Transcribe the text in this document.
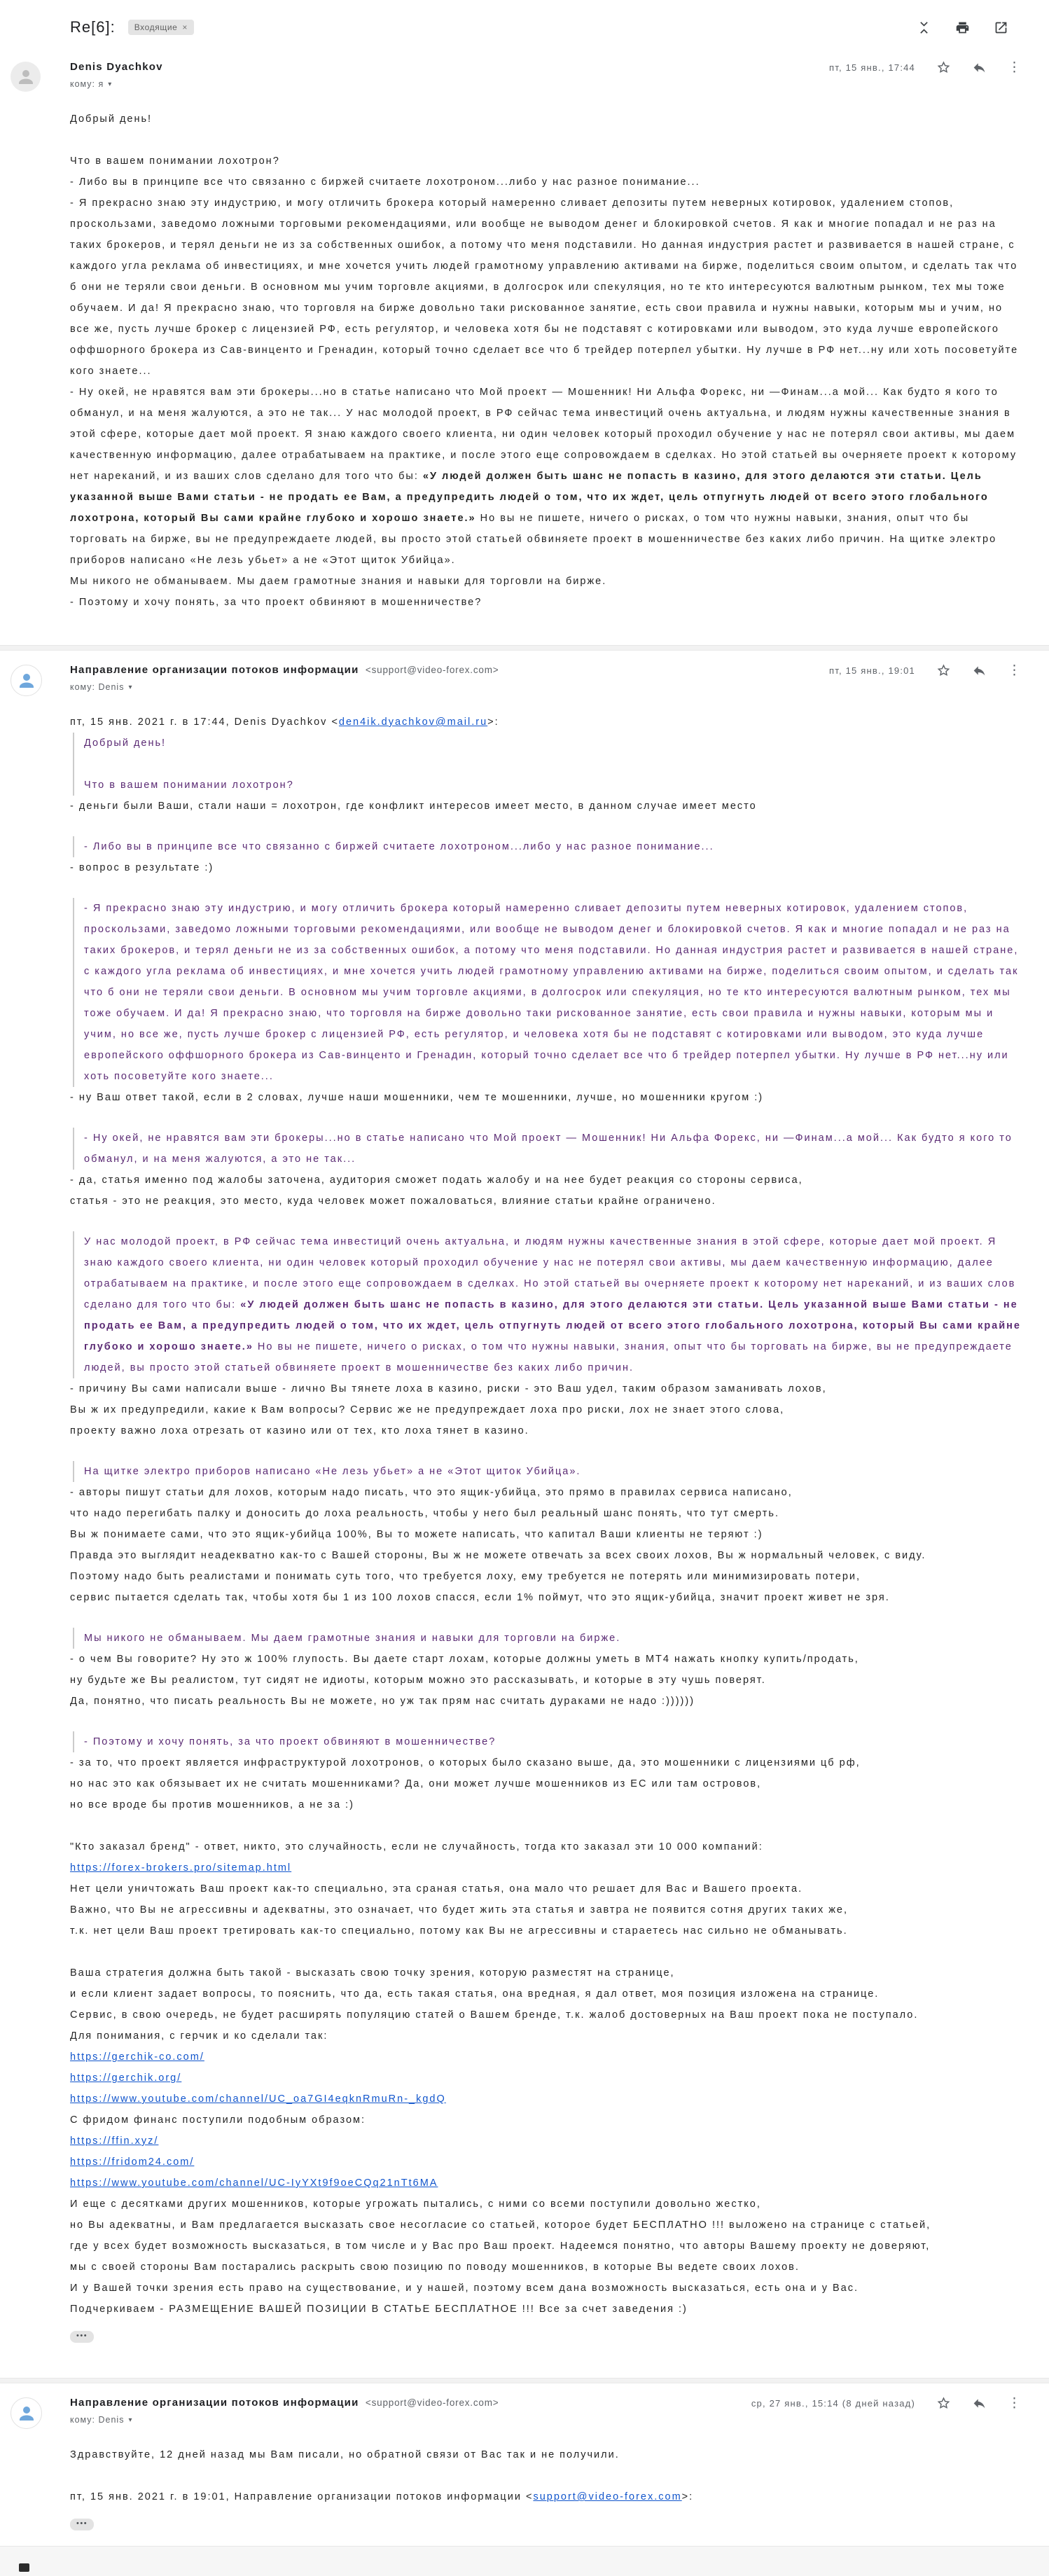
Re[6]: Входящие ×
Denis Dyachkov
кому: я ▾
пт, 15 янв., 17:44	⋮
Добрый день!
Что в вашем понимании лохотрон?
- Либо вы в принципе все что связанно с биржей считаете лохотроном...либо у нас разное понимание...
- Я прекрасно знаю эту индустрию, и могу отличить брокера который намеренно сливает депозиты путем неверных котировок, удалением стопов, проскользами, заведомо ложными торговыми рекомендациями, или вообще не выводом денег и блокировкой счетов. Я как и многие попадал и не раз на таких брокеров, и терял деньги не из за собственных ошибок, а потому что меня подставили. Но данная индустрия растет и развивается в нашей стране, с каждого угла реклама об инвестициях, и мне хочется учить людей грамотному управлению активами на бирже, поделиться своим опытом, и сделать так что б они не теряли свои деньги. В основном мы учим торговле акциями, в долгосрок или спекуляция, но те кто интересуются валютным рынком, тех мы тоже обучаем. И да! Я прекрасно знаю, что торговля на бирже довольно таки рискованное занятие, есть свои правила и нужны навыки, которым мы и учим, но все же, пусть лучше брокер с лицензией РФ, есть регулятор, и человека хотя бы не подставят с котировками или выводом, это куда лучше европейского оффшорного брокера из Сав-винценто и Гренадин, который точно сделает все что б трейдер потерпел убытки. Ну лучше в РФ нет...ну или хоть посоветуйте кого знаете...
- Ну окей, не нравятся вам эти брокеры...но в статье написано что Мой проект — Мошенник! Ни Альфа Форекс, ни —Финам...а мой... Как будто я кого то обманул, и на меня жалуются, а это не так... У нас молодой проект, в РФ сейчас тема инвестиций очень актуальна, и людям нужны качественные знания в этой сфере, которые дает мой проект. Я знаю каждого своего клиента, ни один человек который проходил обучение у нас не потерял свои активы, мы даем качественную информацию, далее отрабатываем на практике, и после этого еще сопровождаем в сделках. Но этой статьей вы очерняете проект к которому нет нареканий, и из ваших слов сделано для того что бы: «У людей должен быть шанс не попасть в казино, для этого делаются эти статьи. Цель указанной выше Вами статьи - не продать ее Вам, а предупредить людей о том, что их ждет, цель отпугнуть людей от всего этого глобального лохотрона, который Вы сами крайне глубоко и хорошо знаете.» Но вы не пишете, ничего о рисках, о том что нужны навыки, знания, опыт что бы торговать на бирже, вы не предупреждаете людей, вы просто этой статьей обвиняете проект в мошенничестве без каких либо причин. На щитке электро приборов написано «Не лезь убьет» а не «Этот щиток Убийца».
Мы никого не обманываем. Мы даем грамотные знания и навыки для торговли на бирже.
- Поэтому и хочу понять, за что проект обвиняют в мошенничестве?
Направление организации потоков информации <support@video-forex.com>
кому: Denis ▾
пт, 15 янв., 19:01	⋮
пт, 15 янв. 2021 г. в 17:44, Denis Dyachkov <den4ik.dyachkov@mail.ru>:
Добрый день!
Что в вашем понимании лохотрон?
- деньги были Ваши, стали наши = лохотрон, где конфликт интересов имеет место, в данном случае имеет место
- Либо вы в принципе все что связанно с биржей считаете лохотроном...либо у нас разное понимание...
- вопрос в результате :)
- Я прекрасно знаю эту индустрию, и могу отличить брокера который намеренно сливает депозиты путем неверных котировок, удалением стопов, проскользами, заведомо ложными торговыми рекомендациями, или вообще не выводом денег и блокировкой счетов. Я как и многие попадал и не раз на таких брокеров, и терял деньги не из за собственных ошибок, а потому что меня подставили. Но данная индустрия растет и развивается в нашей стране, с каждого угла реклама об инвестициях, и мне хочется учить людей грамотному управлению активами на бирже, поделиться своим опытом, и сделать так что б они не теряли свои деньги. В основном мы учим торговле акциями, в долгосрок или спекуляция, но те кто интересуются валютным рынком, тех мы тоже обучаем. И да! Я прекрасно знаю, что торговля на бирже довольно таки рискованное занятие, есть свои правила и нужны навыки, которым мы и учим, но все же, пусть лучше брокер с лицензией РФ, есть регулятор, и человека хотя бы не подставят с котировками или выводом, это куда лучше европейского оффшорного брокера из Сав-винценто и Гренадин, который точно сделает все что б трейдер потерпел убытки. Ну лучше в РФ нет...ну или хоть посоветуйте кого знаете...
- ну Ваш ответ такой, если в 2 словах, лучше наши мошенники, чем те мошенники, лучше, но мошенники кругом :)
- Ну окей, не нравятся вам эти брокеры...но в статье написано что Мой проект — Мошенник! Ни Альфа Форекс, ни —Финам...а мой... Как будто я кого то обманул, и на меня жалуются, а это не так...
- да, статья именно под жалобы заточена, аудитория сможет подать жалобу и на нее будет реакция со стороны сервиса,
статья - это не реакция, это место, куда человек может пожаловаться, влияние статьи крайне ограничено.
У нас молодой проект, в РФ сейчас тема инвестиций очень актуальна, и людям нужны качественные знания в этой сфере, которые дает мой проект. Я знаю каждого своего клиента, ни один человек который проходил обучение у нас не потерял свои активы, мы даем качественную информацию, далее отрабатываем на практике, и после этого еще сопровождаем в сделках. Но этой статьей вы очерняете проект к которому нет нареканий, и из ваших слов сделано для того что бы: «У людей должен быть шанс не попасть в казино, для этого делаются эти статьи. Цель указанной выше Вами статьи - не продать ее Вам, а предупредить людей о том, что их ждет, цель отпугнуть людей от всего этого глобального лохотрона, который Вы сами крайне глубоко и хорошо знаете.» Но вы не пишете, ничего о рисках, о том что нужны навыки, знания, опыт что бы торговать на бирже, вы не предупреждаете людей, вы просто этой статьей обвиняете проект в мошенничестве без каких либо причин.
- причину Вы сами написали выше - лично Вы тянете лоха в казино, риски - это Ваш удел, таким образом заманивать лохов,
Вы ж их предупредили, какие к Вам вопросы? Сервис же не предупреждает лоха про риски, лох не знает этого слова,
проекту важно лоха отрезать от казино или от тех, кто лоха тянет в казино.
На щитке электро приборов написано «Не лезь убьет» а не «Этот щиток Убийца».
- авторы пишут статьи для лохов, которым надо писать, что это ящик-убийца, это прямо в правилах сервиса написано,
что надо перегибать палку и доносить до лоха реальность, чтобы у него был реальный шанс понять, что тут смерть.
Вы ж понимаете сами, что это ящик-убийца 100%, Вы то можете написать, что капитал Ваши клиенты не теряют :)
Правда это выглядит неадекватно как-то с Вашей стороны, Вы ж не можете отвечать за всех своих лохов, Вы ж нормальный человек, с виду.
Поэтому надо быть реалистами и понимать суть того, что требуется лоху, ему требуется не потерять или минимизировать потери,
сервис пытается сделать так, чтобы хотя бы 1 из 100 лохов спасся, если 1% поймут, что это ящик-убийца, значит проект живет не зря.
Мы никого не обманываем. Мы даем грамотные знания и навыки для торговли на бирже.
- о чем Вы говорите? Ну это ж 100% глупость. Вы даете старт лохам, которые должны уметь в MT4 нажать кнопку купить/продать,
ну будьте же Вы реалистом, тут сидят не идиоты, которым можно это рассказывать, и которые в эту чушь поверят.
Да, понятно, что писать реальность Вы не можете, но уж так прям нас считать дураками не надо :))))))
- Поэтому и хочу понять, за что проект обвиняют в мошенничестве?
- за то, что проект является инфраструктурой лохотронов, о которых было сказано выше, да, это мошенники с лицензиями цб рф,
но нас это как обязывает их не считать мошенниками? Да, они может лучше мошенников из ЕС или там островов,
но все вроде бы против мошенников, а не за :)
"Кто заказал бренд" - ответ, никто, это случайность, если не случайность, тогда кто заказал эти 10 000 компаний:
https://forex-brokers.pro/sitemap.html
Нет цели уничтожать Ваш проект как-то специально, эта сраная статья, она мало что решает для Вас и Вашего проекта.
Важно, что Вы не агрессивны и адекватны, это означает, что будет жить эта статья и завтра не появится сотня других таких же,
т.к. нет цели Ваш проект третировать как-то специально, потому как Вы не агрессивны и стараетесь нас сильно не обманывать.
Ваша стратегия должна быть такой - высказать свою точку зрения, которую разместят на странице,
и если клиент задает вопросы, то пояснить, что да, есть такая статья, она вредная, я дал ответ, моя позиция изложена на странице.
Сервис, в свою очередь, не будет расширять популяцию статей о Вашем бренде, т.к. жалоб достоверных на Ваш проект пока не поступало.
Для понимания, с герчик и ко сделали так:
https://gerchik-co.com/
https://gerchik.org/
https://www.youtube.com/channel/UC_oa7GI4eqknRmuRn-_kgdQ
С фридом финанс поступили подобным образом:
https://ffin.xyz/
https://fridom24.com/
https://www.youtube.com/channel/UC-IyYXt9f9oeCQq21nTt6MA
И еще с десятками других мошенников, которые угрожать пытались, с ними со всеми поступили довольно жестко,
но Вы адекватны, и Вам предлагается высказать свое несогласие со статьей, которое будет БЕСПЛАТНО !!! выложено на странице с статьей,
где у всех будет возможность высказаться, в том числе и у Вас про Ваш проект. Надеемся понятно, что авторы Вашему проекту не доверяют,
мы с своей стороны Вам постарались раскрыть свою позицию по поводу мошенников, в которые Вы ведете своих лохов.
И у Вашей точки зрения есть право на существование, и у нашей, поэтому всем дана возможность высказаться, есть она и у Вас.
Подчеркиваем - РАЗМЕЩЕНИЕ ВАШЕЙ ПОЗИЦИИ В СТАТЬЕ БЕСПЛАТНОЕ !!! Все за счет заведения :)
•••
Направление организации потоков информации <support@video-forex.com>
кому: Denis ▾
ср, 27 янв., 15:14 (8 дней назад)	⋮
Здравствуйте, 12 дней назад мы Вам писали, но обратной связи от Вас так и не получили.
пт, 15 янв. 2021 г. в 19:01, Направление организации потоков информации <support@video-forex.com>:
•••
